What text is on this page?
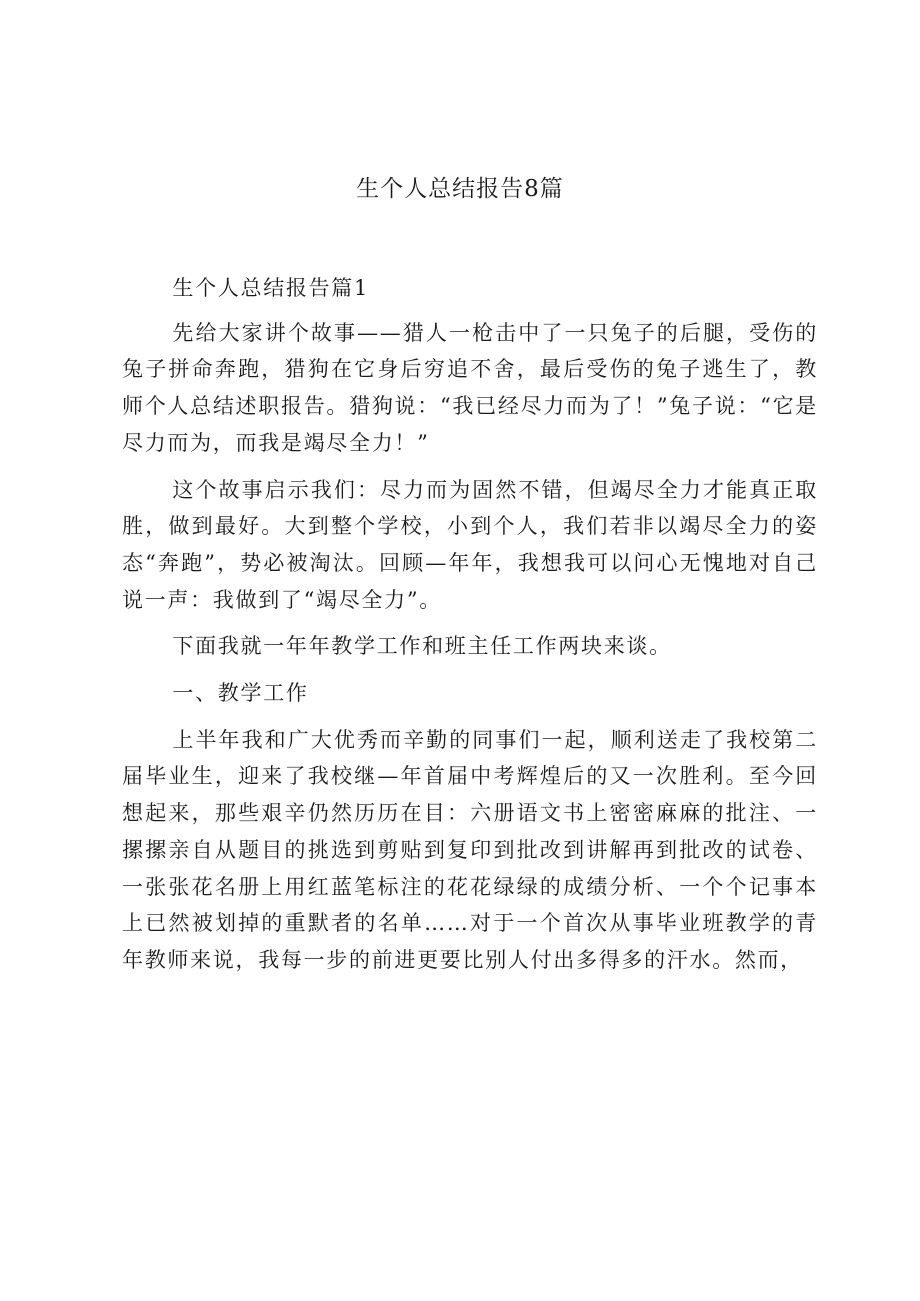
生个人总结报告8篇

生个人总结报告篇1

先给大家讲个故事——猎人一枪击中了一只兔子的后腿，受伤的兔子拼命奔跑，猎狗在它身后穷追不舍，最后受伤的兔子逃生了，教师个人总结述职报告。猎狗说：“我已经尽力而为了！”兔子说：“它是尽力而为，而我是竭尽全力！”

这个故事启示我们：尽力而为固然不错，但竭尽全力才能真正取胜，做到最好。大到整个学校，小到个人，我们若非以竭尽全力的姿态“奔跑”，势必被淘汰。回顾—年年，我想我可以问心无愧地对自己说一声：我做到了“竭尽全力”。

下面我就一年年教学工作和班主任工作两块来谈。

一、教学工作

上半年我和广大优秀而辛勤的同事们一起，顺利送走了我校第二届毕业生，迎来了我校继—年首届中考辉煌后的又一次胜利。至今回想起来，那些艰辛仍然历历在目：六册语文书上密密麻麻的批注、一摞摞亲自从题目的挑选到剪贴到复印到批改到讲解再到批改的试卷、一张张花名册上用红蓝笔标注的花花绿绿的成绩分析、一个个记事本上已然被划掉的重默者的名单……对于一个首次从事毕业班教学的青年教师来说，我每一步的前进更要比别人付出多得多的汗水。然而，
